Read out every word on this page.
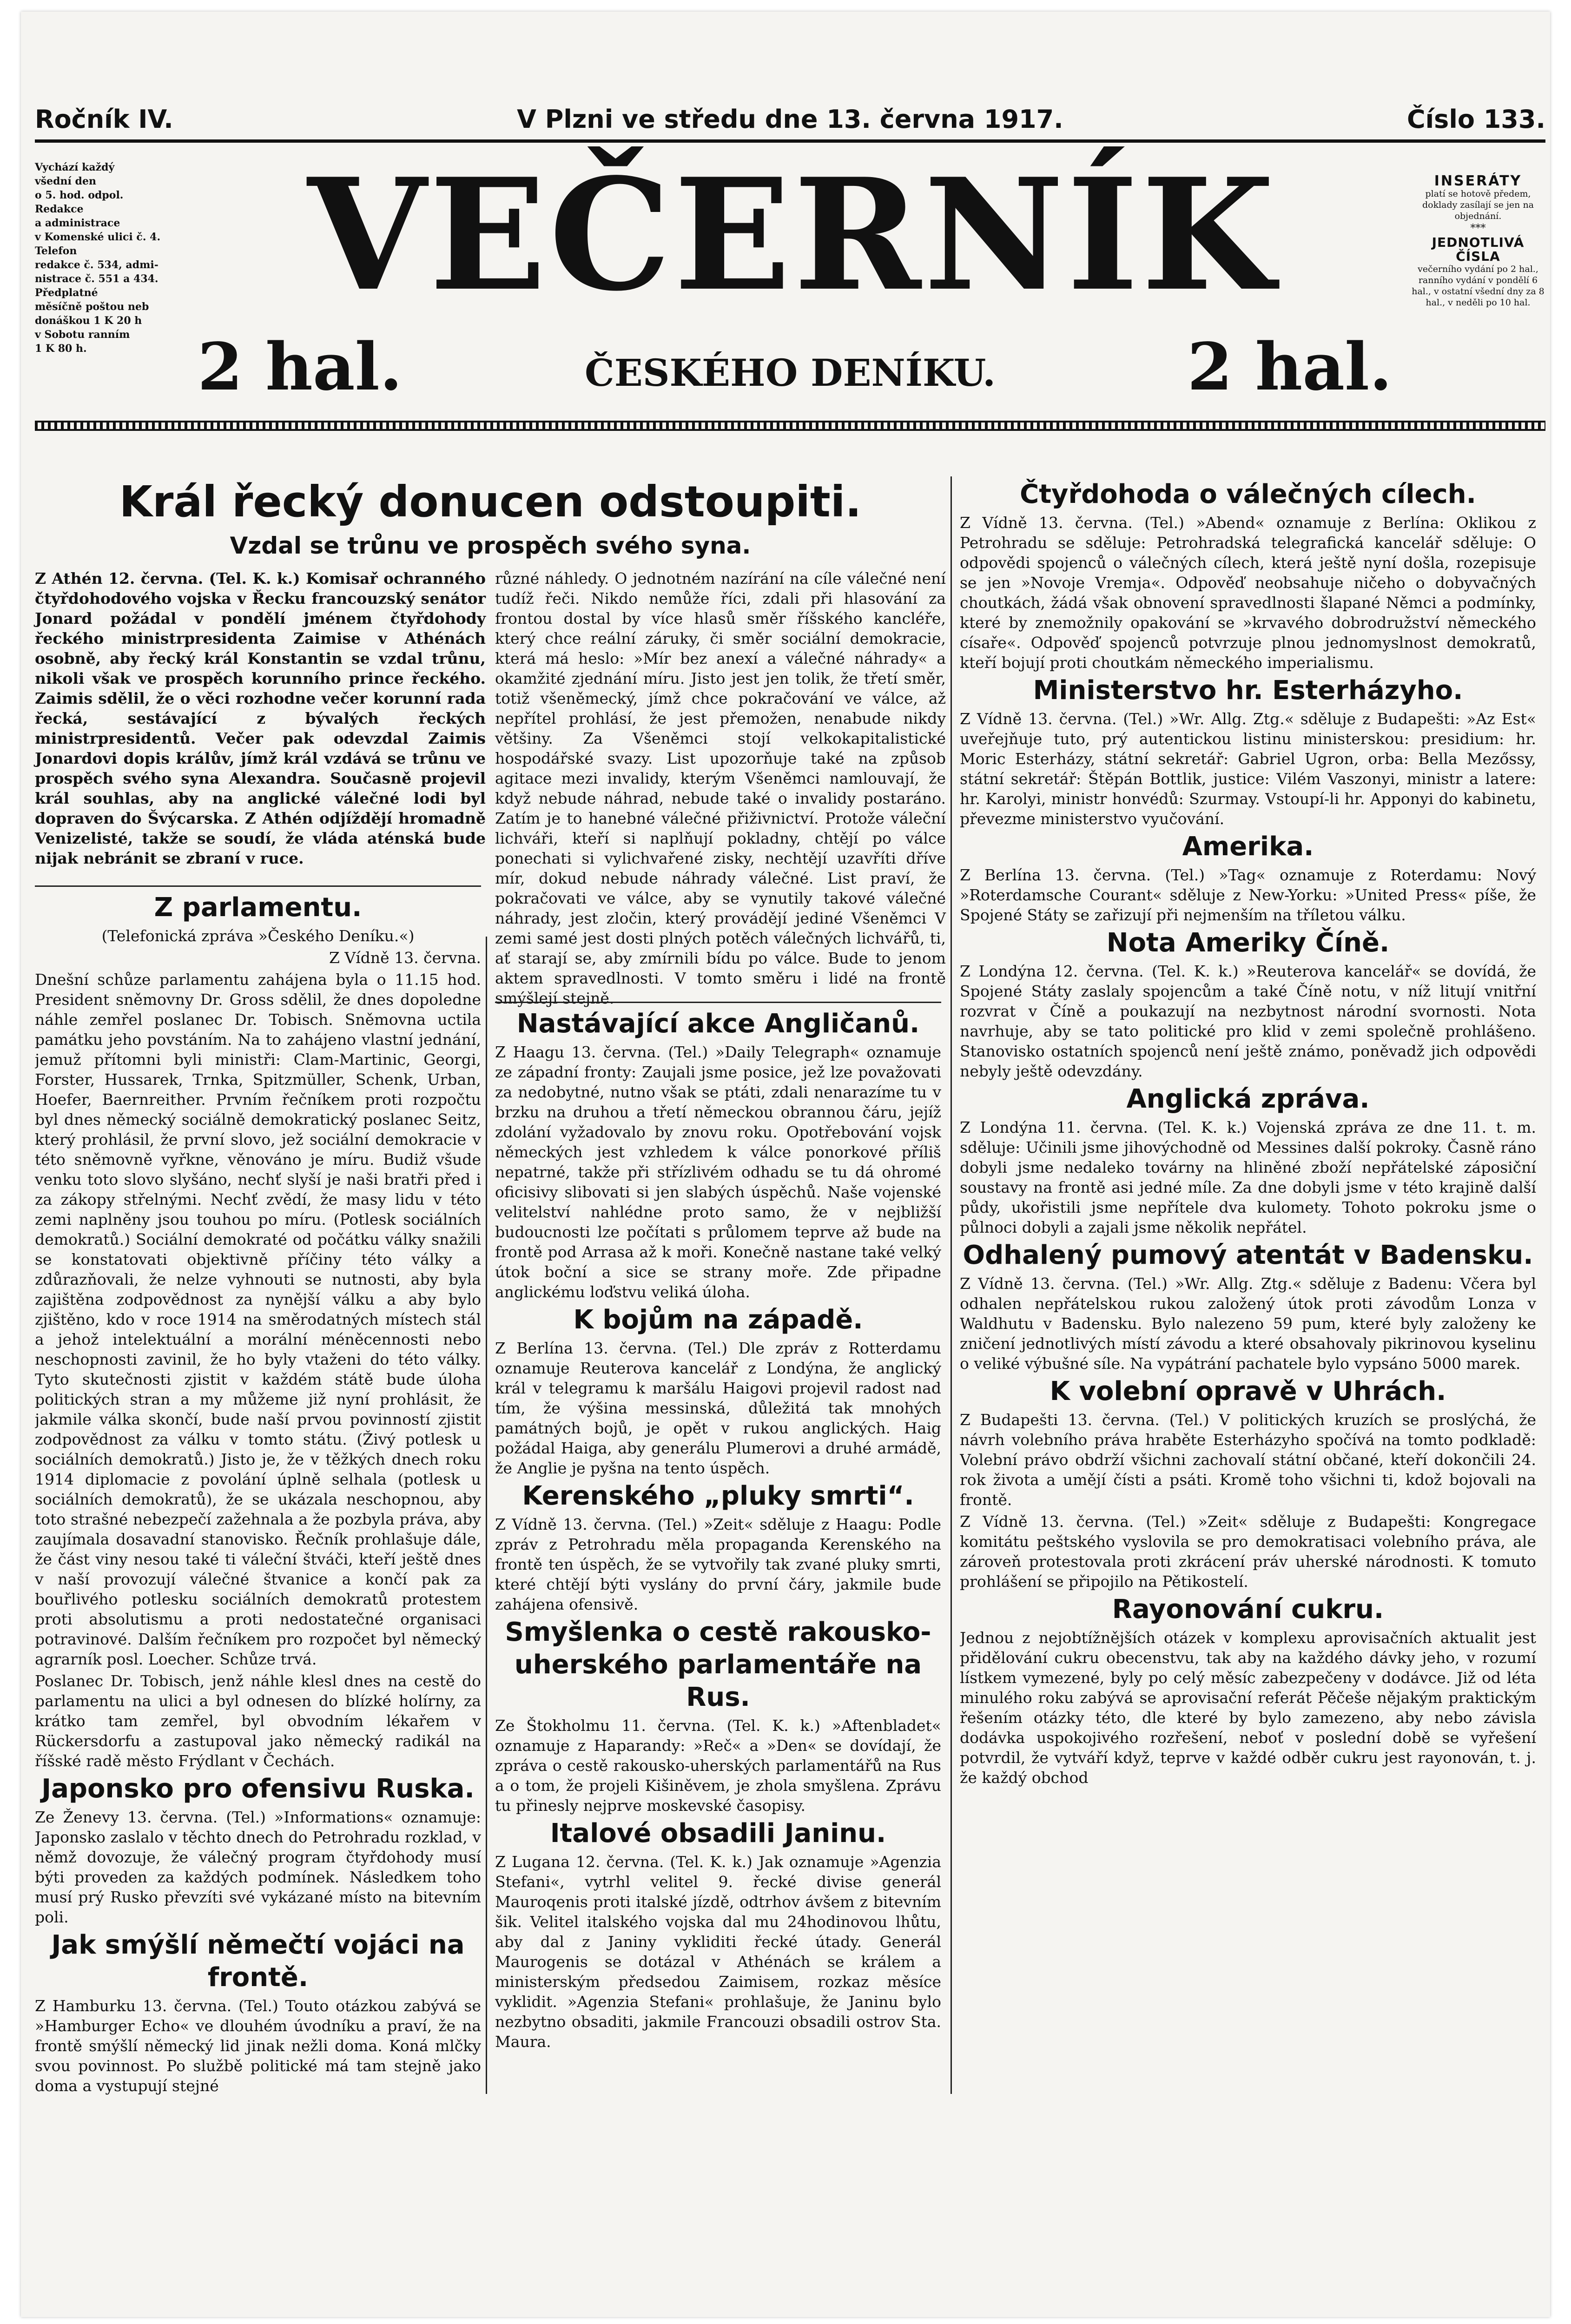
Ročník IV.	V Plzni ve středu dne 13. června 1917.	Číslo 133.
Vychází každý
všední den
o 5. hod. odpol.
Redakce
a administrace
v Komenské ulici č. 4.
Telefon
redakce č. 534, admi-
nistrace č. 551 a 434.
Předplatné
měsíčně poštou neb
donáškou 1 K 20 h
v Sobotu ranním
1 K 80 h.
VEČERNÍK
2 hal.	ČESKÉHO DENÍKU.	2 hal.
INSERÁTY
platí se hotově předem, doklady zasílají se jen na objednání.
***
JEDNOTLIVÁ ČÍSLA
večerního vydání po 2 hal., ranního vydání v pondělí 6 hal., v ostatní všední dny za 8 hal., v neděli po 10 hal.
Král řecký donucen odstoupiti.
Vzdal se trůnu ve prospěch svého syna.
Z Athén 12. června. (Tel. K. k.) Komisař ochranného čtyřdohodového vojska v Řecku francouzský senátor Jonard požádal v pondělí jménem čtyřdohody řeckého ministrpresidenta Zaimise v Athénách osobně, aby řecký král Konstantin se vzdal trůnu, nikoli však ve prospěch korunního prince řeckého. Zaimis sdělil, že o věci rozhodne večer korunní rada řecká, sestávající z bývalých řeckých ministrpresidentů. Večer pak odevzdal Zaimis Jonardovi dopis králův, jímž král vzdává se trůnu ve prospěch svého syna Alexandra. Současně projevil král souhlas, aby na anglické válečné lodi byl dopraven do Švýcarska. Z Athén odjíždějí hromadně Venizelisté, takže se soudí, že vláda aténská bude nijak nebránit se zbraní v ruce.
různé náhledy. O jednotném nazírání na cíle válečné není tudíž řeči. Nikdo nemůže říci, zdali při hlasování za frontou dostal by více hlasů směr říšského kancléře, který chce reální záruky, či směr sociální demokracie, která má heslo: »Mír bez anexí a válečné náhrady« a okamžité zjednání míru. Jisto jest jen tolik, že třetí směr, totiž všeněmecký, jímž chce pokračování ve válce, až nepřítel prohlásí, že jest přemožen, nenabude nikdy většiny. Za Všeněmci stojí velkokapitalistické hospodářské svazy. List upozorňuje také na způsob agitace mezi invalidy, kterým Všeněmci namlouvají, že když nebude náhrad, nebude také o invalidy postaráno. Zatím je to hanebné válečné přiživnictví. Protože váleční lichváři, kteří si naplňují pokladny, chtějí po válce ponechati si vylichvařené zisky, nechtějí uzavříti dříve mír, dokud nebude náhrady válečné. List praví, že pokračovati ve válce, aby se vynutily takové válečné náhrady, jest zločin, který provádějí jediné Všeněmci V zemi samé jest dosti plných potěch válečných lichvářů, ti, ať starají se, aby zmírnili bídu po válce. Bude to jenom aktem spravedlnosti. V tomto směru i lidé na frontě smýšlejí stejně.
Z parlamentu.
(Telefonická zpráva »Českého Deníku.«)
Z Vídně 13. června.
Dnešní schůze parlamentu zahájena byla o 11.15 hod. President sněmovny Dr. Gross sdělil, že dnes dopoledne náhle zemřel poslanec Dr. Tobisch. Sněmovna uctila památku jeho povstáním. Na to zahájeno vlastní jednání, jemuž přítomni byli ministři: Clam-Martinic, Georgi, Forster, Hussarek, Trnka, Spitzmüller, Schenk, Urban, Hoefer, Baernreither. Prvním řečníkem proti rozpočtu byl dnes německý sociálně demokratický poslanec Seitz, který prohlásil, že první slovo, jež sociální demokracie v této sněmovně vyřkne, věnováno je míru. Budiž všude venku toto slovo slyšáno, nechť slyší je naši bratři před i za zákopy střelnými. Nechť zvědí, že masy lidu v této zemi naplněny jsou touhou po míru. (Potlesk sociálních demokratů.) Sociální demokraté od počátku války snažili se konstatovati objektivně příčiny této války a zdůrazňovali, že nelze vyhnouti se nutnosti, aby byla zajištěna zodpovědnost za nynější válku a aby bylo zjištěno, kdo v roce 1914 na směrodatných místech stál a jehož intelektuální a morální méněcennosti nebo neschopnosti zavinil, že ho byly vtaženi do této války. Tyto skutečnosti zjistit v každém státě bude úloha politických stran a my můžeme již nyní prohlásit, že jakmile válka skončí, bude naší prvou povinností zjistit zodpovědnost za válku v tomto státu. (Živý potlesk u sociálních demokratů.) Jisto je, že v těžkých dnech roku 1914 diplomacie z povolání úplně selhala (potlesk u sociálních demokratů), že se ukázala neschopnou, aby toto strašné nebezpečí zažehnala a že pozbyla práva, aby zaujímala dosavadní stanovisko. Řečník prohlašuje dále, že část viny nesou také ti váleční štváči, kteří ještě dnes v naší provozují válečné štvanice a končí pak za bouřlivého potlesku sociálních demokratů protestem proti absolutismu a proti nedostatečné organisaci potravinové. Dalším řečníkem pro rozpočet byl německý agrarník posl. Loecher. Schůze trvá.
Poslanec Dr. Tobisch, jenž náhle klesl dnes na cestě do parlamentu na ulici a byl odnesen do blízké holírny, za krátko tam zemřel, byl obvodním lékařem v Rückersdorfu a zastupoval jako německý radikál na říšské radě město Frýdlant v Čechách.
Japonsko pro ofensivu Ruska.
Ze Ženevy 13. června. (Tel.) »Informations« oznamuje: Japonsko zaslalo v těchto dnech do Petrohradu rozklad, v němž dovozuje, že válečný program čtyřdohody musí býti proveden za každých podmínek. Následkem toho musí prý Rusko převzíti své vykázané místo na bitevním poli.
Jak smýšlí němečtí vojáci na frontě.
Z Hamburku 13. června. (Tel.) Touto otázkou zabývá se »Hamburger Echo« ve dlouhém úvodníku a praví, že na frontě smýšlí německý lid jinak nežli doma. Koná mlčky svou povinnost. Po službě politické má tam stejně jako doma a vystupují stejné
Nastávající akce Angličanů.
Z Haagu 13. června. (Tel.) »Daily Telegraph« oznamuje ze západní fronty: Zaujali jsme posice, jež lze považovati za nedobytné, nutno však se ptáti, zdali nenarazíme tu v brzku na druhou a třetí německou obrannou čáru, jejíž zdolání vyžadovalo by znovu roku. Opotřebování vojsk německých jest vzhledem k válce ponorkové příliš nepatrné, takže při střízlivém odhadu se tu dá ohromé oficisivy slibovati si jen slabých úspěchů. Naše vojenské velitelství nahlédne proto samo, že v nejbližší budoucnosti lze počítati s průlomem teprve až bude na frontě pod Arrasa až k moři. Konečně nastane také velký útok boční a sice se strany moře. Zde připadne anglickému loďstvu veliká úloha.
K bojům na západě.
Z Berlína 13. června. (Tel.) Dle zpráv z Rotterdamu oznamuje Reuterova kancelář z Londýna, že anglický král v telegramu k maršálu Haigovi projevil radost nad tím, že výšina messinská, důležitá tak mnohých památných bojů, je opět v rukou anglických. Haig požádal Haiga, aby generálu Plumerovi a druhé armádě, že Anglie je pyšna na tento úspěch.
Kerenského „pluky smrti“.
Z Vídně 13. června. (Tel.) »Zeit« sděluje z Haagu: Podle zpráv z Petrohradu měla propaganda Kerenského na frontě ten úspěch, že se vytvořily tak zvané pluky smrti, které chtějí býti vyslány do první čáry, jakmile bude zahájena ofensivě.
Smyšlenka o cestě rakousko-uherského parlamentáře na Rus.
Ze Štokholmu 11. června. (Tel. K. k.) »Aftenbladet« oznamuje z Haparandy: »Reč« a »Den« se dovídají, že zpráva o cestě rakousko-uherských parlamentářů na Rus a o tom, že projeli Kišiněvem, je zhola smyšlena. Zprávu tu přinesly nejprve moskevské časopisy.
Italové obsadili Janinu.
Z Lugana 12. června. (Tel. K. k.) Jak oznamuje »Agenzia Stefani«, vytrhl velitel 9. řecké divise generál Mauroqenis proti italské jízdě, odtrhov ávšem z bitevním šik. Velitel italského vojska dal mu 24hodinovou lhůtu, aby dal z Janiny vykliditi řecké útady. Generál Maurogenis se dotázal v Athénách se králem a ministerským předsedou Zaimisem, rozkaz měsíce vyklidit. »Agenzia Stefani« prohlašuje, že Janinu bylo nezbytno obsaditi, jakmile Francouzi obsadili ostrov Sta. Maura.
Čtyřdohoda o válečných cílech.
Z Vídně 13. června. (Tel.) »Abend« oznamuje z Berlína: Oklikou z Petrohradu se sděluje: Petrohradská telegrafická kancelář sděluje: O odpovědi spojenců o válečných cílech, která ještě nyní došla, rozepisuje se jen »Novoje Vremja«. Odpověď neobsahuje ničeho o dobyvačných choutkách, žádá však obnovení spravedlnosti šlapané Němci a podmínky, které by znemožnily opakování se »krvavého dobrodružství německého císaře«. Odpověď spojenců potvrzuje plnou jednomyslnost demokratů, kteří bojují proti choutkám německého imperialismu.
Ministerstvo hr. Esterházyho.
Z Vídně 13. června. (Tel.) »Wr. Allg. Ztg.« sděluje z Budapešti: »Az Est« uveřejňuje tuto, prý autentickou listinu ministerskou: presidium: hr. Moric Esterházy, státní sekretář: Gabriel Ugron, orba: Bella Mezőssy, státní sekretář: Štěpán Bottlik, justice: Vilém Vaszonyi, ministr a latere: hr. Karolyi, ministr honvédů: Szurmay. Vstoupí-li hr. Apponyi do kabinetu, převezme ministerstvo vyučování.
Amerika.
Z Berlína 13. června. (Tel.) »Tag« oznamuje z Roterdamu: Nový »Roterdamsche Courant« sděluje z New-Yorku: »United Press« píše, že Spojené Státy se zařizují při nejmenším na tříletou válku.
Nota Ameriky Číně.
Z Londýna 12. června. (Tel. K. k.) »Reuterova kancelář« se dovídá, že Spojené Státy zaslaly spojencům a také Číně notu, v níž litují vnitřní rozvrat v Číně a poukazují na nezbytnost národní svornosti. Nota navrhuje, aby se tato politické pro klid v zemi společně prohlášeno. Stanovisko ostatních spojenců není ještě známo, poněvadž jich odpovědi nebyly ještě odevzdány.
Anglická zpráva.
Z Londýna 11. června. (Tel. K. k.) Vojenská zpráva ze dne 11. t. m. sděluje: Učinili jsme jihovýchodně od Messines další pokroky. Časně ráno dobyli jsme nedaleko továrny na hliněné zboží nepřátelské záposiční soustavy na frontě asi jedné míle. Za dne dobyli jsme v této krajině další půdy, ukořistili jsme nepřítele dva kulomety. Tohoto pokroku jsme o půlnoci dobyli a zajali jsme několik nepřátel.
Odhalený pumový atentát v Badensku.
Z Vídně 13. června. (Tel.) »Wr. Allg. Ztg.« sděluje z Badenu: Včera byl odhalen nepřátelskou rukou založený útok proti závodům Lonza v Waldhutu v Badensku. Bylo nalezeno 59 pum, které byly založeny ke zničení jednotlivých místí závodu a které obsahovaly pikrinovou kyselinu o veliké výbušné síle. Na vypátrání pachatele bylo vypsáno 5000 marek.
K volební opravě v Uhrách.
Z Budapešti 13. června. (Tel.) V politických kruzích se proslýchá, že návrh volebního práva hraběte Esterházyho spočívá na tomto podkladě: Volební právo obdrží všichni zachovalí státní občané, kteří dokončili 24. rok života a umějí čísti a psáti. Kromě toho všichni ti, kdož bojovali na frontě.
Z Vídně 13. června. (Tel.) »Zeit« sděluje z Budapešti: Kongregace komitátu peštského vyslovila se pro demokratisaci volebního práva, ale zároveň protestovala proti zkrácení práv uherské národnosti. K tomuto prohlášení se připojilo na Pětikostelí.
Rayonování cukru.
Jednou z nejobtížnějších otázek v komplexu aprovisačních aktualit jest přidělování cukru obecenstvu, tak aby na každého dávky jeho, v rozumí lístkem vymezené, byly po celý měsíc zabezpečeny v dodávce. Již od léta minulého roku zabývá se aprovisační referát Pěčeše nějakým praktickým řešením otázky této, dle které by bylo zamezeno, aby nebo závisla dodávka uspokojivého rozřešení, neboť v poslední době se vyřešení potvrdil, že vytváří když, teprve v každé odběr cukru jest rayonován, t. j. že každý obchod
